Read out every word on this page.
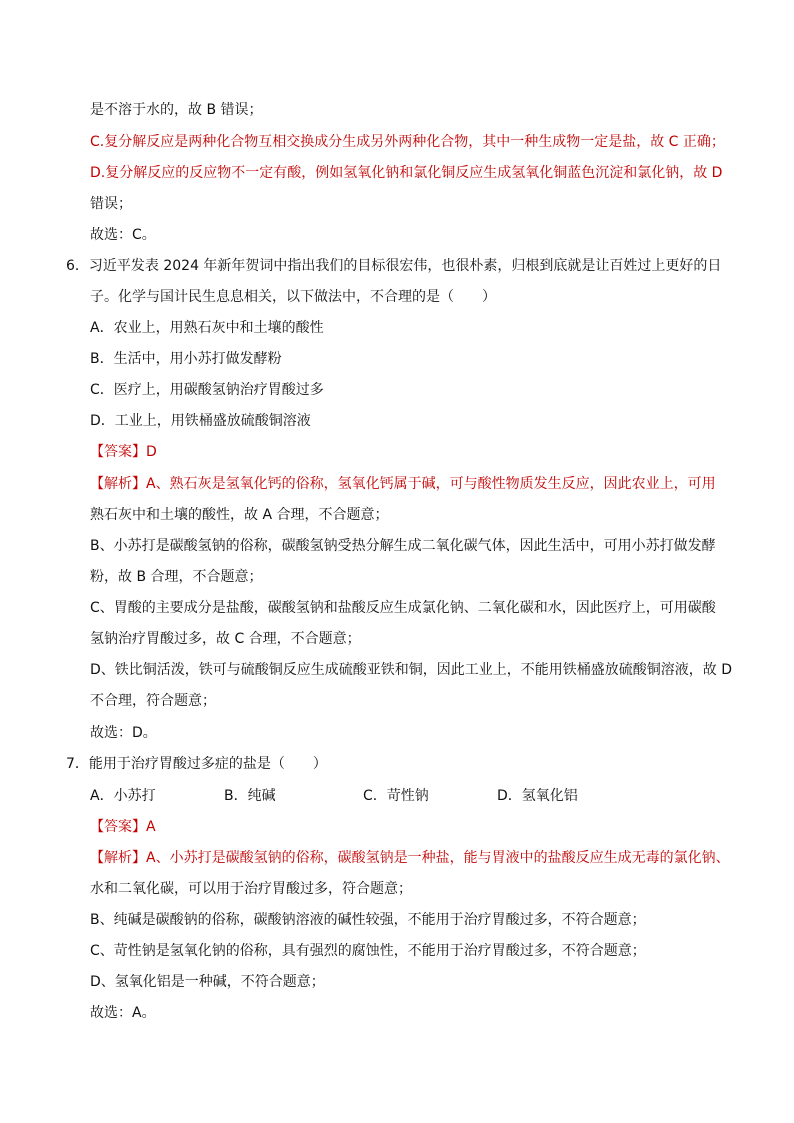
是不溶于水的，故 B 错误；
C.复分解反应是两种化合物互相交换成分生成另外两种化合物，其中一种生成物一定是盐，故 C 正确；
D.复分解反应的反应物不一定有酸，例如氢氧化钠和氯化铜反应生成氢氧化铜蓝色沉淀和氯化钠，故 D
错误；
故选：C。
6．习近平发表 2024 年新年贺词中指出我们的目标很宏伟，也很朴素，归根到底就是让百姓过上更好的日
子。化学与国计民生息息相关，以下做法中，不合理的是（　　）
A．农业上，用熟石灰中和土壤的酸性
B．生活中，用小苏打做发酵粉
C．医疗上，用碳酸氢钠治疗胃酸过多
D．工业上，用铁桶盛放硫酸铜溶液
【答案】D
【解析】A、熟石灰是氢氧化钙的俗称，氢氧化钙属于碱，可与酸性物质发生反应，因此农业上，可用
熟石灰中和土壤的酸性，故 A 合理，不合题意；
B、小苏打是碳酸氢钠的俗称，碳酸氢钠受热分解生成二氧化碳气体，因此生活中，可用小苏打做发酵
粉，故 B 合理，不合题意；
C、胃酸的主要成分是盐酸，碳酸氢钠和盐酸反应生成氯化钠、二氧化碳和水，因此医疗上，可用碳酸
氢钠治疗胃酸过多，故 C 合理，不合题意；
D、铁比铜活泼，铁可与硫酸铜反应生成硫酸亚铁和铜，因此工业上，不能用铁桶盛放硫酸铜溶液，故 D
不合理，符合题意；
故选：D。
7．能用于治疗胃酸过多症的盐是（　　）
A．小苏打	B．纯碱	C．苛性钠	D．氢氧化铝
【答案】A
【解析】A、小苏打是碳酸氢钠的俗称，碳酸氢钠是一种盐，能与胃液中的盐酸反应生成无毒的氯化钠、
水和二氧化碳，可以用于治疗胃酸过多，符合题意；
B、纯碱是碳酸钠的俗称，碳酸钠溶液的碱性较强，不能用于治疗胃酸过多，不符合题意；
C、苛性钠是氢氧化钠的俗称，具有强烈的腐蚀性，不能用于治疗胃酸过多，不符合题意；
D、氢氧化铝是一种碱，不符合题意；
故选：A。
